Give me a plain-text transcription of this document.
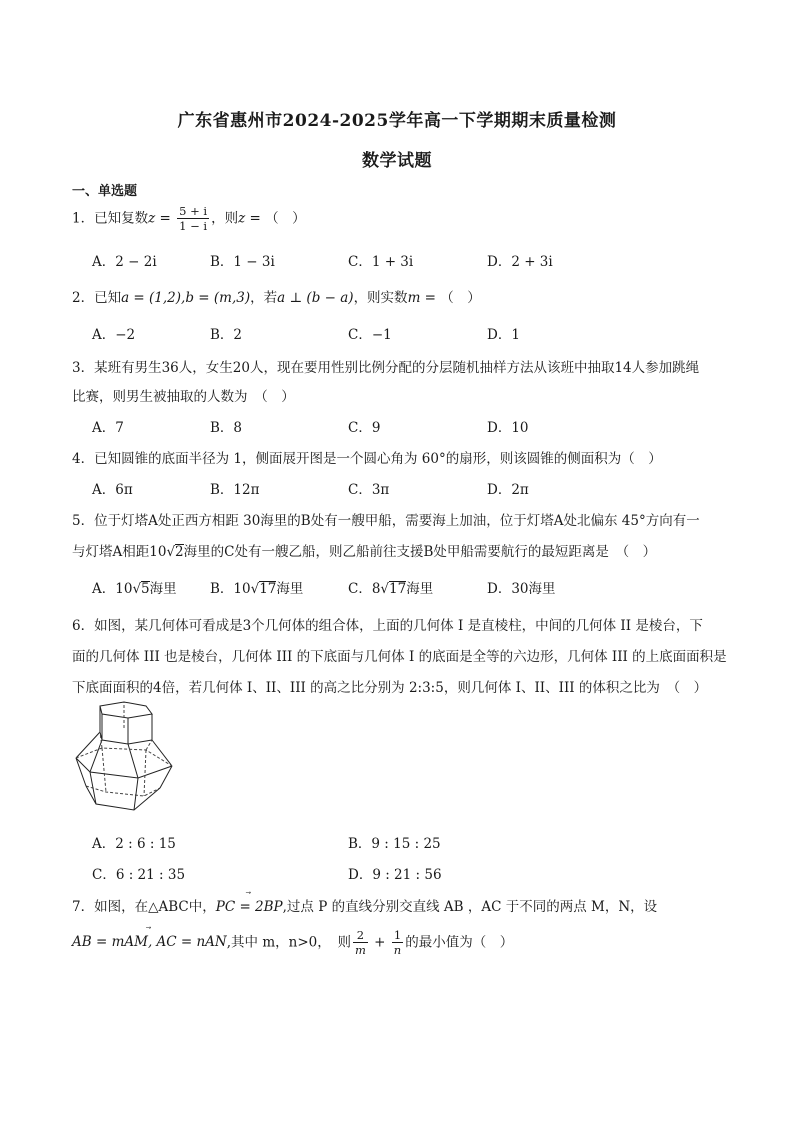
广东省惠州市2024-2025学年高一下学期期末质量检测
数学试题
一、单选题
1．已知复数$z = \frac{5 + i}{1 - i}$ ，则z = （　）
A．2 − 2i	B．1 − 3i	C．1 + 3i	D．2 + 3i
2．已知a = (1,2),b = (m,3)，若a ⊥ (b − a)，则实数m = （　）
A．−2	B．2	C．−1	D．1
3．某班有男生36人，女生20人，现在要用性别比例分配的分层随机抽样方法从该班中抽取14人参加跳绳
比赛，则男生被抽取的人数为　（　）
A．7	B．8	C．9	D．10
4．已知圆锥的底面半径为 1，侧面展开图是一个圆心角为 60°的扇形，则该圆锥的侧面积为（　）
A．6π	B．12π	C．3π	D．2π
5．位于灯塔A处正西方相距 30海里的B处有一艘甲船，需要海上加油，位于灯塔A处北偏东 45°方向有一
与灯塔A相距10√2海里的C处有一艘乙船，则乙船前往支援B处甲船需要航行的最短距离是　（　）
A．10√5海里 B．10√17海里	C．8√17海里	D．30海里
6．如图，某几何体可看成是3个几何体的组合体，上面的几何体 I 是直棱柱，中间的几何体 II 是棱台，下
面的几何体 III 也是棱台，几何体 III 的下底面与几何体 I 的底面是全等的六边形，几何体 III 的上底面面积是
下底面面积的4倍，若几何体 I、II、III 的高之比分别为 2:3:5，则几何体 I、II、III 的体积之比为　（　）
A．2 : 6 : 15	B．9 : 15 : 25
C．6 : 21 : 35	D．9 : 21 : 56
7．如图，在△ABC中，⃗ PC = 2BP,过点 P 的直线分别交直线 AB ，AC 于不同的两点 M，N，设
⃗ AB = mAM, AC = nAN,其中 m，n>0，　则 $\frac{2}{m} + \frac{1}{n}$ 的最小值为（　）
